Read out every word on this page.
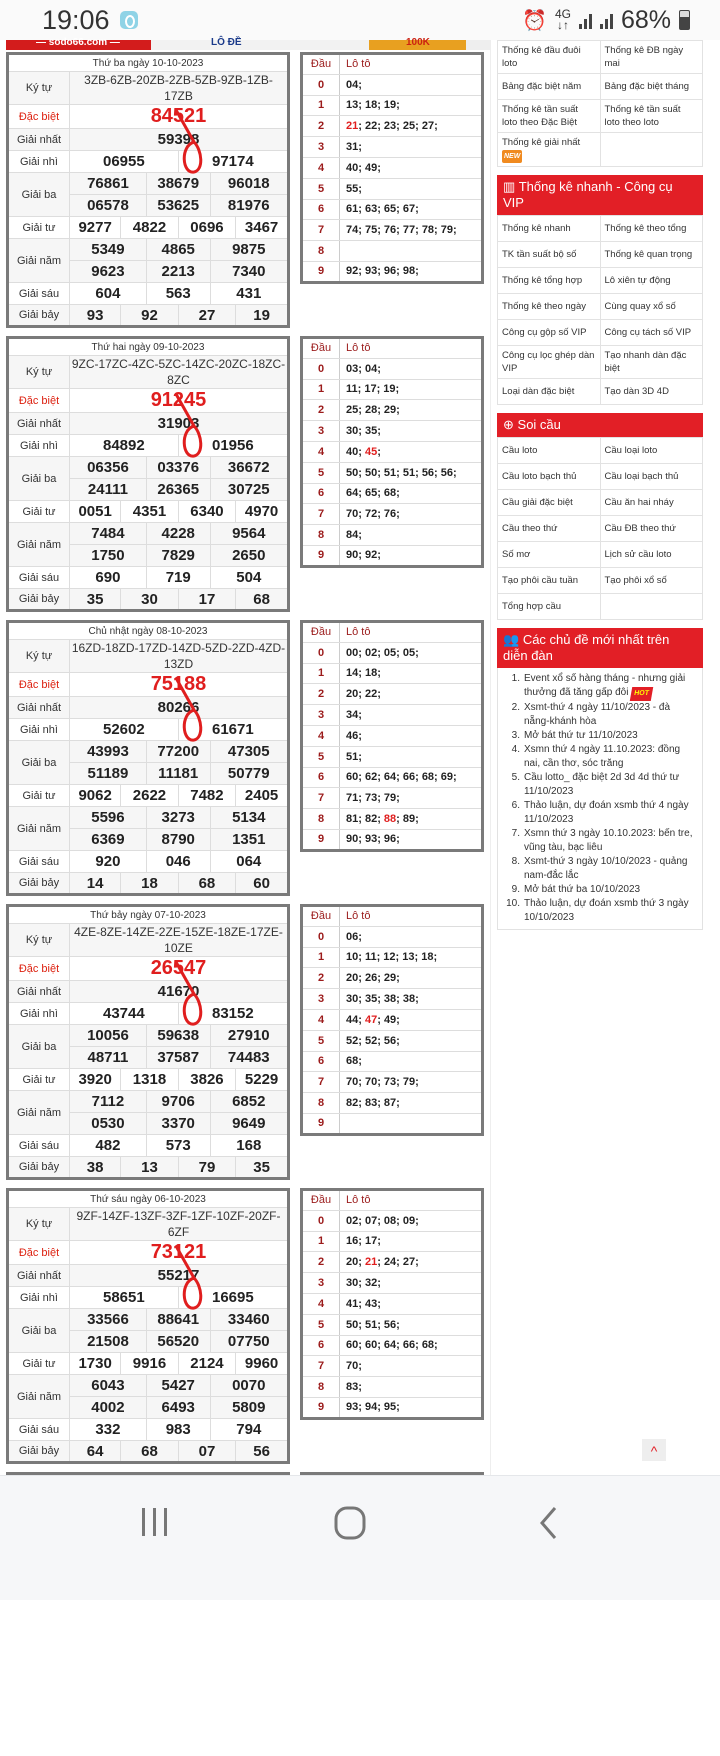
19:06	⏰ 4G
↓↑ 68%
— sodo66.com —	LÔ ĐỀ	100K
Thứ ba ngày 10-10-2023						
Ký tự	3ZB-6ZB-20ZB-2ZB-5ZB-9ZB-1ZB-17ZB					
Đặc biệt	84521					
Giải nhất	59398					
Giải nhì	06955			97174		
Giải ba	76861		38679		96018	
	06578		53625		81976	
Giải tư	9277	4822		0696		3467
Giải năm	5349		4865		9875	
	9623		2213		7340	
Giải sáu	604		563		431	
Giải bảy	93	92		27		19
Đầu	Lô tô
0	04;
1	13; 18; 19;
2	21; 22; 23; 25; 27;
3	31;
4	40; 49;
5	55;
6	61; 63; 65; 67;
7	74; 75; 76; 77; 78; 79;
8	
9	92; 93; 96; 98;
Thứ hai ngày 09-10-2023						
Ký tự	9ZC-17ZC-4ZC-5ZC-14ZC-20ZC-18ZC-8ZC					
Đặc biệt	91245					
Giải nhất	31903					
Giải nhì	84892			01956		
Giải ba	06356		03376		36672	
	24111		26365		30725	
Giải tư	0051	4351		6340		4970
Giải năm	7484		4228		9564	
	1750		7829		2650	
Giải sáu	690		719		504	
Giải bảy	35	30		17		68
Đầu	Lô tô
0	03; 04;
1	11; 17; 19;
2	25; 28; 29;
3	30; 35;
4	40; 45;
5	50; 50; 51; 51; 56; 56;
6	64; 65; 68;
7	70; 72; 76;
8	84;
9	90; 92;
Chủ nhật ngày 08-10-2023						
Ký tự	16ZD-18ZD-17ZD-14ZD-5ZD-2ZD-4ZD-13ZD					
Đặc biệt	75188					
Giải nhất	80266					
Giải nhì	52602			61671		
Giải ba	43993		77200		47305	
	51189		11181		50779	
Giải tư	9062	2622		7482		2405
Giải năm	5596		3273		5134	
	6369		8790		1351	
Giải sáu	920		046		064	
Giải bảy	14	18		68		60
Đầu	Lô tô
0	00; 02; 05; 05;
1	14; 18;
2	20; 22;
3	34;
4	46;
5	51;
6	60; 62; 64; 66; 68; 69;
7	71; 73; 79;
8	81; 82; 88; 89;
9	90; 93; 96;
Thứ bảy ngày 07-10-2023						
Ký tự	4ZE-8ZE-14ZE-2ZE-15ZE-18ZE-17ZE-10ZE					
Đặc biệt	26547					
Giải nhất	41670					
Giải nhì	43744			83152		
Giải ba	10056		59638		27910	
	48711		37587		74483	
Giải tư	3920	1318		3826		5229
Giải năm	7112		9706		6852	
	0530		3370		9649	
Giải sáu	482		573		168	
Giải bảy	38	13		79		35
Đầu	Lô tô
0	06;
1	10; 11; 12; 13; 18;
2	20; 26; 29;
3	30; 35; 38; 38;
4	44; 47; 49;
5	52; 52; 56;
6	68;
7	70; 70; 73; 79;
8	82; 83; 87;
9	
Thứ sáu ngày 06-10-2023						
Ký tự	9ZF-14ZF-13ZF-3ZF-1ZF-10ZF-20ZF-6ZF					
Đặc biệt	73121					
Giải nhất	55217					
Giải nhì	58651			16695		
Giải ba	33566		88641		33460	
	21508		56520		07750	
Giải tư	1730	9916		2124		9960
Giải năm	6043		5427		0070	
	4002		6493		5809	
Giải sáu	332		983		794	
Giải bảy	64	68		07		56
Đầu	Lô tô
0	02; 07; 08; 09;
1	16; 17;
2	20; 21; 24; 27;
3	30; 32;
4	41; 43;
5	50; 51; 56;
6	60; 60; 64; 66; 68;
7	70;
8	83;
9	93; 94; 95;

Thống kê đầu đuôi loto	Thống kê ĐB ngày mai
Bảng đặc biệt năm	Bảng đặc biệt tháng
Thống kê tần suất loto theo Đặc Biệt	Thống kê tần suất loto theo loto
Thống kê giải nhất NEW	
▥ Thống kê nhanh - Công cụ VIP
Thống kê nhanh	Thống kê theo tổng
TK tần suất bộ số	Thống kê quan trọng
Thống kê tổng hợp	Lô xiên tự động
Thống kê theo ngày	Cùng quay xổ số
Công cụ gộp số VIP	Công cụ tách số VIP
Công cụ lọc ghép dàn VIP	Tạo nhanh dàn đặc biệt
Loại dàn đặc biệt	Tạo dàn 3D 4D
⊕ Soi cầu
Cầu loto	Cầu loại loto
Cầu loto bạch thủ	Cầu loại bạch thủ
Cầu giải đặc biệt	Cầu ăn hai nháy
Cầu theo thứ	Cầu ĐB theo thứ
Số mơ	Lịch sử cầu loto
Tạo phôi cầu tuần	Tạo phôi xổ số
Tổng hợp cầu	
👥 Các chủ đề mới nhất trên diễn đàn
1. Event xổ số hàng tháng - nhưng giải thưởng đã tăng gấp đôi HOT
2. Xsmt-thứ 4 ngày 11/10/2023 - đà nẵng-khánh hòa
3. Mở bát thứ tư 11/10/2023
4. Xsmn thứ 4 ngày 11.10.2023: đồng nai, cần thơ, sóc trăng
5. Cầu lotto_ đặc biệt 2d 3d 4d thứ tư 11/10/2023
6. Thảo luận, dự đoán xsmb thứ 4 ngày 11/10/2023
7. Xsmn thứ 3 ngày 10.10.2023: bến tre, vũng tàu, bạc liêu
8. Xsmt-thứ 3 ngày 10/10/2023 - quảng nam-đắc lắc
9. Mở bát thứ ba 10/10/2023
10. Thảo luận, dự đoán xsmb thứ 3 ngày 10/10/2023
^
